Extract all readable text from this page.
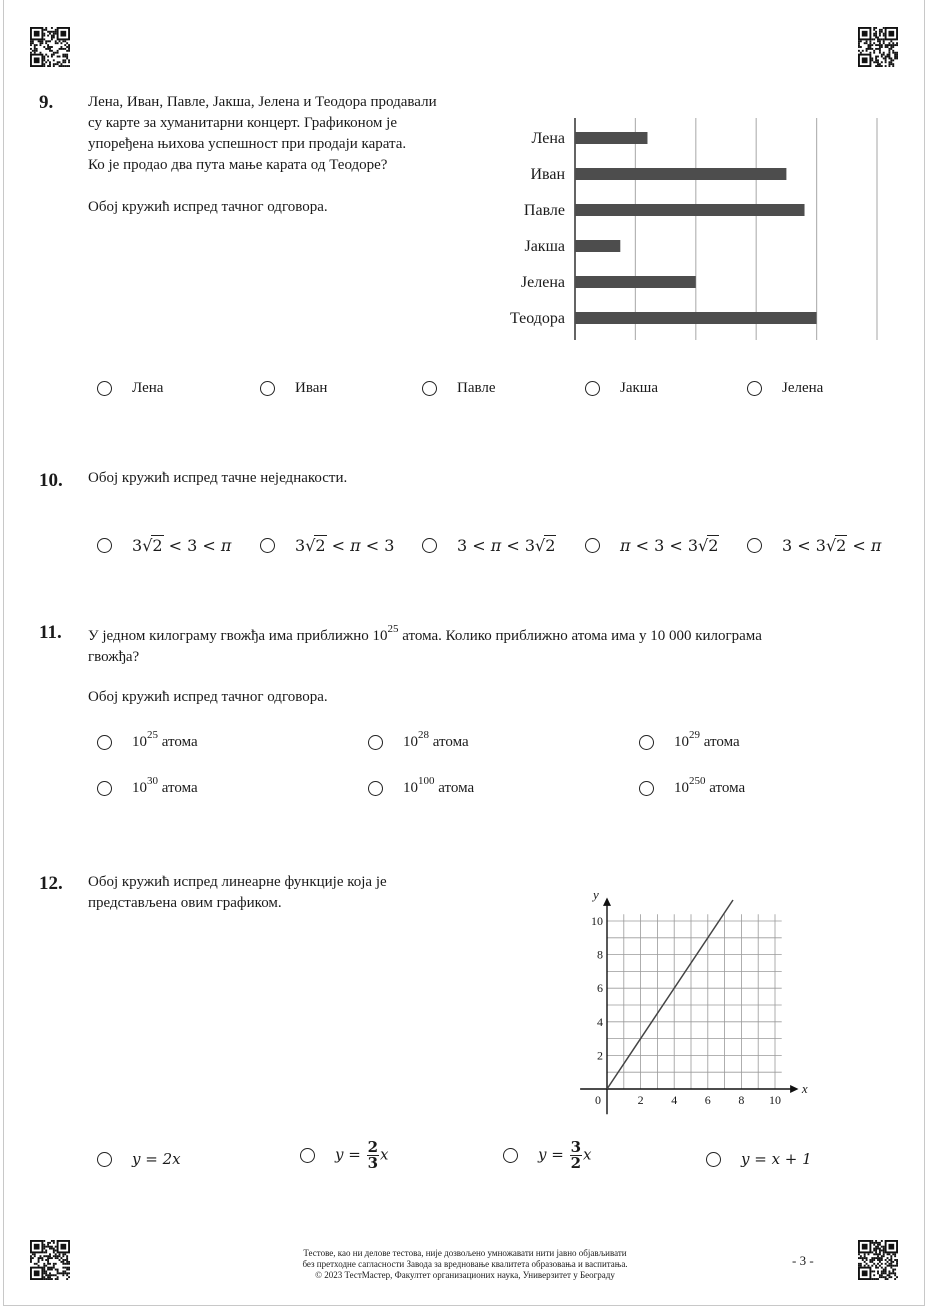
9. Лена, Иван, Павле, Јакша, Јелена и Теодора продавали
су карте за хуманитарни концерт. Графиконом је
упоређена њихова успешност при продаји карата.
Ко је продао два пута мање карата од Теодоре?
Обој кружић испред тачног одговора.
Лена
Иван
Павле
Јакша
Јелена
Теодора
Лена	Иван	Павле	Јакша	Јелена
10. Обој кружић испред тачне неједнакости.
3√2 < 3 < π	3√2 < π < 3	3 < π < 3√2	π < 3 < 3√2	3 < 3√2 < π
11. У једном килограму гвожђа има приближно $10^{25}$ атома. Колико приближно атома има у 10 000 килограма
гвожђа?
Обој кружић испред тачног одговора.
$10^{25}$ атома	$10^{28}$ атома	$10^{29}$ атома
$10^{30}$ атома	$10^{100}$ атома	$10^{250}$ атома
12. Обој кружић испред линеарне функције која је
представљена овим графиком.
0	2 4 6 8 10
2
4
6
8
10
x
y
y = 2x	$y = \frac{2}{3}$ x	$y = \frac{3}{2}$ x	y = x + 1
Тестове, као ни делове тестова, није дозвољено умножавати нити јавно објављивати
без претходне сагласности Завода за вредновање квалитета образовања и васпитања.
© 2023 ТестМастер, Факултет организационих наука, Универзитет у Београду
- 3 -
